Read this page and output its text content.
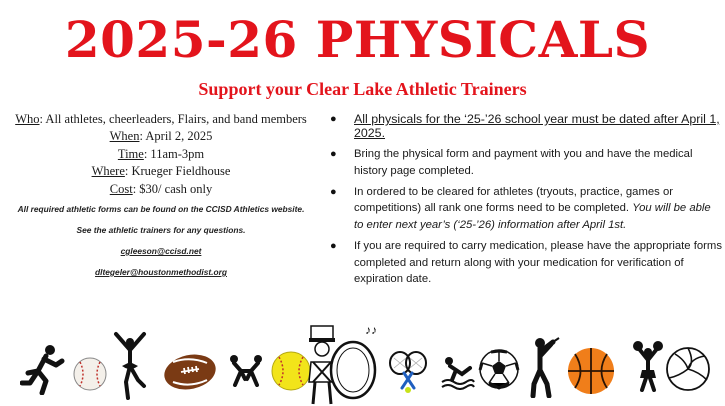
2025-26 PHYSICALS
Support your Clear Lake Athletic Trainers
Who: All athletes, cheerleaders, Flairs, and band members
When: April 2, 2025
Time: 11am-3pm
Where: Krueger Fieldhouse
Cost: $30/ cash only
All required athletic forms can be found on the CCISD Athletics website.
See the athletic trainers for any questions.
cgleeson@ccisd.net
dltegeler@houstonmethodist.org
● All physicals for the ‘25-’26 school year must be dated after April 1, 2025.
● Bring the physical form and payment with you and have the medical history page completed.
● In ordered to be cleared for athletes (tryouts, practice, games or competitions) all rank one forms need to be completed. You will be able to enter next year’s (‘25-’26) information after April 1st.
● If you are required to carry medication, please have the appropriate forms completed and return along with your medication for verification of expiration date.
♪♪
